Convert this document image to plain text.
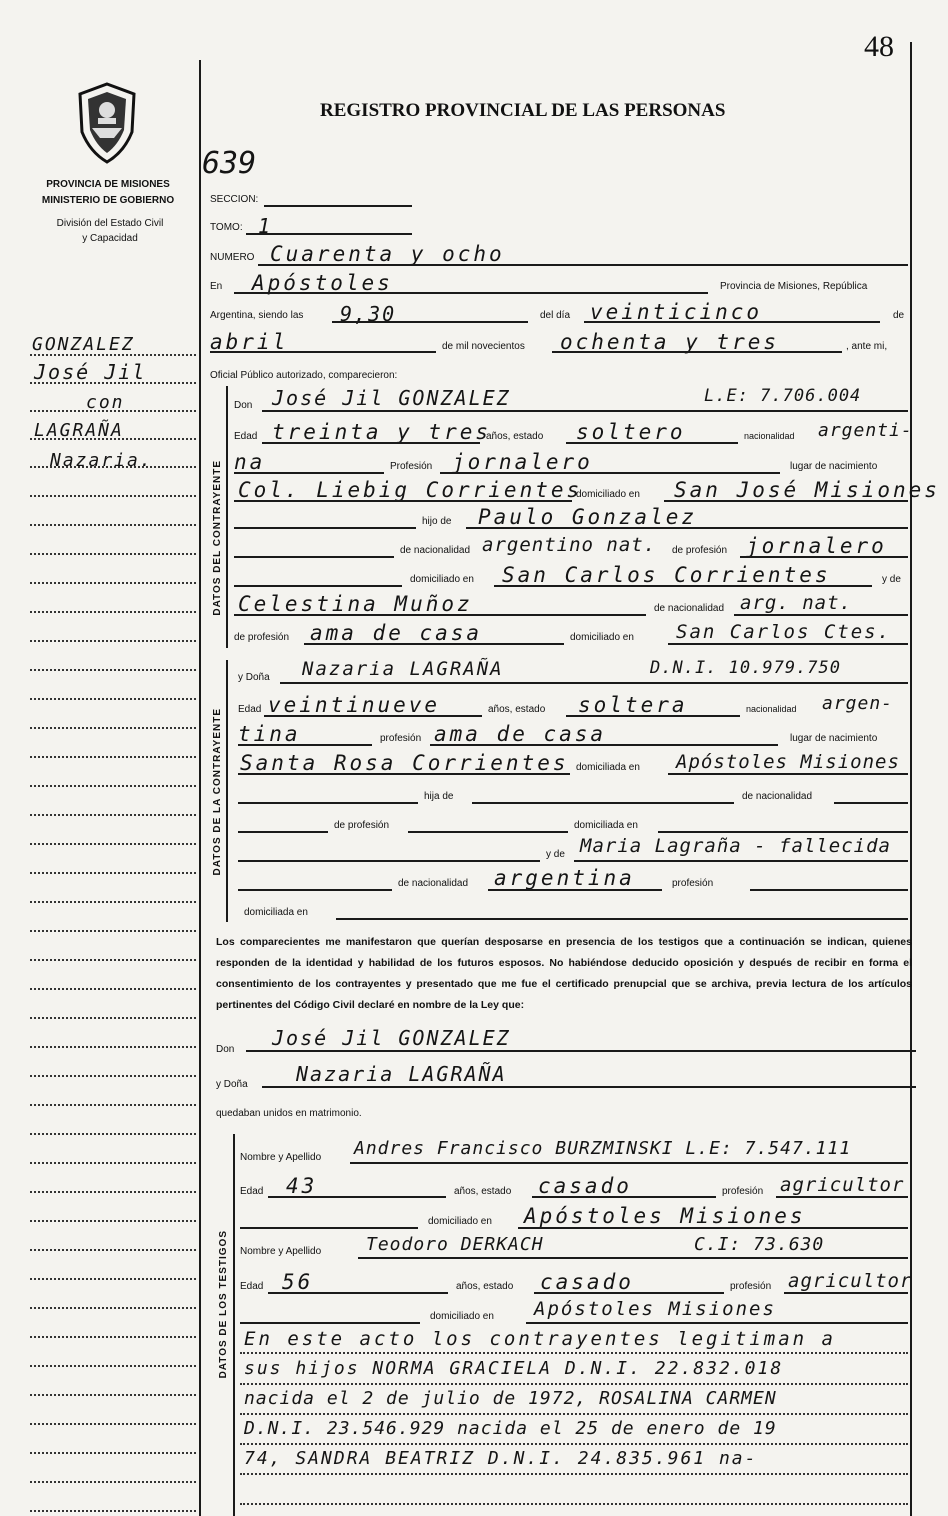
48
PROVINCIA DE MISIONES
MINISTERIO DE GOBIERNO
División del Estado Civil
y Capacidad
REGISTRO PROVINCIAL DE LAS PERSONAS
639
GONZALEZ
José Jil
con
LAGRAÑA
Nazaria.
SECCION:
TOMO: 1
NUMERO Cuarenta y ocho
En Apóstoles	Provincia de Misiones, República
Argentina, siendo las 9,30	del día veinticinco	de
abril	de mil novecientos ochenta y tres	, ante mi,
Oficial Público autorizado, comparecieron:
DATOS DEL CONTRAYENTE
Don José Jil GONZALEZ	L.E: 7.706.004
Edad treinta y tres
años, estado soltero	nacionalidad argenti-
na	Profesión jornalero	lugar de nacimiento
Col. Liebig Corrientes
domiciliado en San José Misiones
hijo de Paulo Gonzalez
de nacionalidad argentino nat. de profesión jornalero
domiciliado en San Carlos Corrientes	y de
Celestina Muñoz	de nacionalidad arg. nat.
de profesión ama de casa	domiciliado en San Carlos Ctes.
DATOS DE LA CONTRAYENTE
y Doña Nazaria LAGRAÑA	D.N.I. 10.979.750
Edad veintinueve	años, estado soltera	nacionalidad argen-
tina	profesión ama de casa	lugar de nacimiento
Santa Rosa Corrientes domiciliada en Apóstoles Misiones
hija de	de nacionalidad
de profesión	domiciliada en
y de Maria Lagraña - fallecida
de nacionalidad argentina	profesión
domiciliada en
Los comparecientes me manifestaron que querían desposarse en presencia de los testigos que a continuación se indican, quienes responden de la identidad y habilidad de los futuros esposos. No habiéndose deducido oposición y después de recibir en forma el consentimiento de los contrayentes y presentado que me fue el certificado prenupcial que se archiva, previa lectura de los artículos pertinentes del Código Civil declaré en nombre de la Ley que:
Don José Jil GONZALEZ
y Doña Nazaria LAGRAÑA
quedaban unidos en matrimonio.
DATOS DE LOS TESTIGOS
Nombre y Apellido Andres Francisco BURZMINSKI L.E: 7.547.111
Edad 43	años, estado casado	profesión agricultor
domiciliado en Apóstoles Misiones
Nombre y Apellido Teodoro DERKACH	C.I: 73.630
Edad 56	años, estado casado	profesión agricultor
domiciliado en Apóstoles Misiones
En este acto los contrayentes legitiman a
sus hijos NORMA GRACIELA D.N.I. 22.832.018
nacida el 2 de julio de 1972, ROSALINA CARMEN
D.N.I. 23.546.929 nacida el 25 de enero de 19
74, SANDRA BEATRIZ D.N.I. 24.835.961 na-
